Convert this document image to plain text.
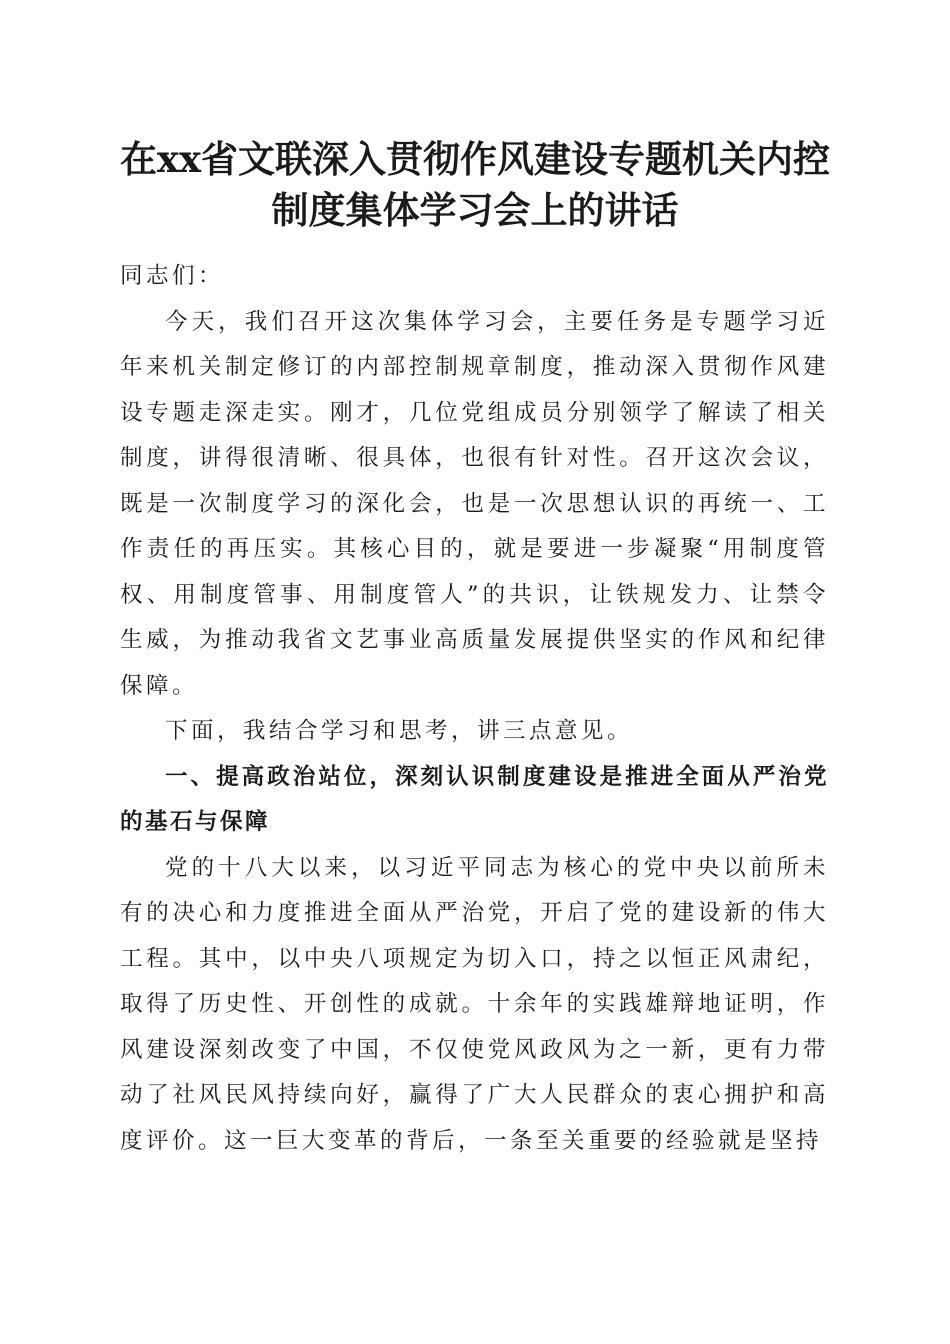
在xx省文联深入贯彻作风建设专题机关内控
制度集体学习会上的讲话

同志们：

今天，我们召开这次集体学习会，主要任务是专题学习近年来机关制定修订的内部控制规章制度，推动深入贯彻作风建设专题走深走实。刚才，几位党组成员分别领学了解读了相关制度，讲得很清晰、很具体，也很有针对性。召开这次会议，既是一次制度学习的深化会，也是一次思想认识的再统一、工作责任的再压实。其核心目的，就是要进一步凝聚“用制度管权、用制度管事、用制度管人”的共识，让铁规发力、让禁令生威，为推动我省文艺事业高质量发展提供坚实的作风和纪律保障。

下面，我结合学习和思考，讲三点意见。

一、提高政治站位，深刻认识制度建设是推进全面从严治党的基石与保障

党的十八大以来，以习近平同志为核心的党中央以前所未有的决心和力度推进全面从严治党，开启了党的建设新的伟大工程。其中，以中央八项规定为切入口，持之以恒正风肃纪，取得了历史性、开创性的成就。十余年的实践雄辩地证明，作风建设深刻改变了中国，不仅使党风政风为之一新，更有力带动了社风民风持续向好，赢得了广大人民群众的衷心拥护和高度评价。这一巨大变革的背后，一条至关重要的经验就是坚持
